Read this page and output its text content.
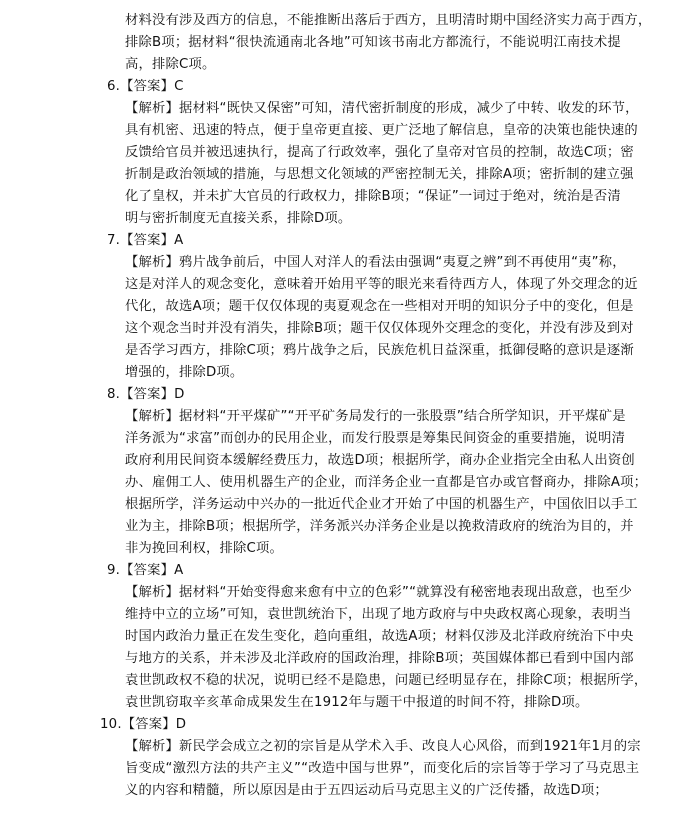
材料没有涉及西方的信息，不能推断出落后于西方，且明清时期中国经济实力高于西方，
排除B项；据材料“很快流通南北各地”可知该书南北方都流行，不能说明江南技术提
高，排除C项。
6.【答案】C
【解析】据材料“既快又保密”可知，清代密折制度的形成，减少了中转、收发的环节，
具有机密、迅速的特点，便于皇帝更直接、更广泛地了解信息，皇帝的决策也能快速的
反馈给官员并被迅速执行，提高了行政效率，强化了皇帝对官员的控制，故选C项；密
折制是政治领域的措施，与思想文化领域的严密控制无关，排除A项；密折制的建立强
化了皇权，并未扩大官员的行政权力，排除B项；“保证”一词过于绝对，统治是否清
明与密折制度无直接关系，排除D项。
7.【答案】A
【解析】鸦片战争前后，中国人对洋人的看法由强调“夷夏之辨”到不再使用“夷”称，
这是对洋人的观念变化，意味着开始用平等的眼光来看待西方人，体现了外交理念的近
代化，故选A项；题干仅仅体现的夷夏观念在一些相对开明的知识分子中的变化，但是
这个观念当时并没有消失，排除B项；题干仅仅体现外交理念的变化，并没有涉及到对
是否学习西方，排除C项；鸦片战争之后，民族危机日益深重，抵御侵略的意识是逐渐
增强的，排除D项。
8.【答案】D
【解析】据材料“开平煤矿”“开平矿务局发行的一张股票”结合所学知识，开平煤矿是
洋务派为“求富”而创办的民用企业，而发行股票是筹集民间资金的重要措施，说明清
政府利用民间资本缓解经费压力，故选D项；根据所学，商办企业指完全由私人出资创
办、雇佣工人、使用机器生产的企业，而洋务企业一直都是官办或官督商办，排除A项；
根据所学，洋务运动中兴办的一批近代企业才开始了中国的机器生产，中国依旧以手工
业为主，排除B项；根据所学，洋务派兴办洋务企业是以挽救清政府的统治为目的，并
非为挽回利权，排除C项。
9.【答案】A
【解析】据材料“开始变得愈来愈有中立的色彩”“就算没有秘密地表现出敌意，也至少
维持中立的立场”可知，袁世凯统治下，出现了地方政府与中央政权离心现象，表明当
时国内政治力量正在发生变化，趋向重组，故选A项；材料仅涉及北洋政府统治下中央
与地方的关系，并未涉及北洋政府的国政治理，排除B项；英国媒体都已看到中国内部
袁世凯政权不稳的状况，说明已经不是隐患，问题已经明显存在，排除C项；根据所学，
袁世凯窃取辛亥革命成果发生在1912年与题干中报道的时间不符，排除D项。
10.【答案】D
【解析】新民学会成立之初的宗旨是从学术入手、改良人心风俗，而到1921年1月的宗
旨变成“激烈方法的共产主义”“改造中国与世界”，而变化后的宗旨等于学习了马克思主
义的内容和精髓，所以原因是由于五四运动后马克思主义的广泛传播，故选D项；
